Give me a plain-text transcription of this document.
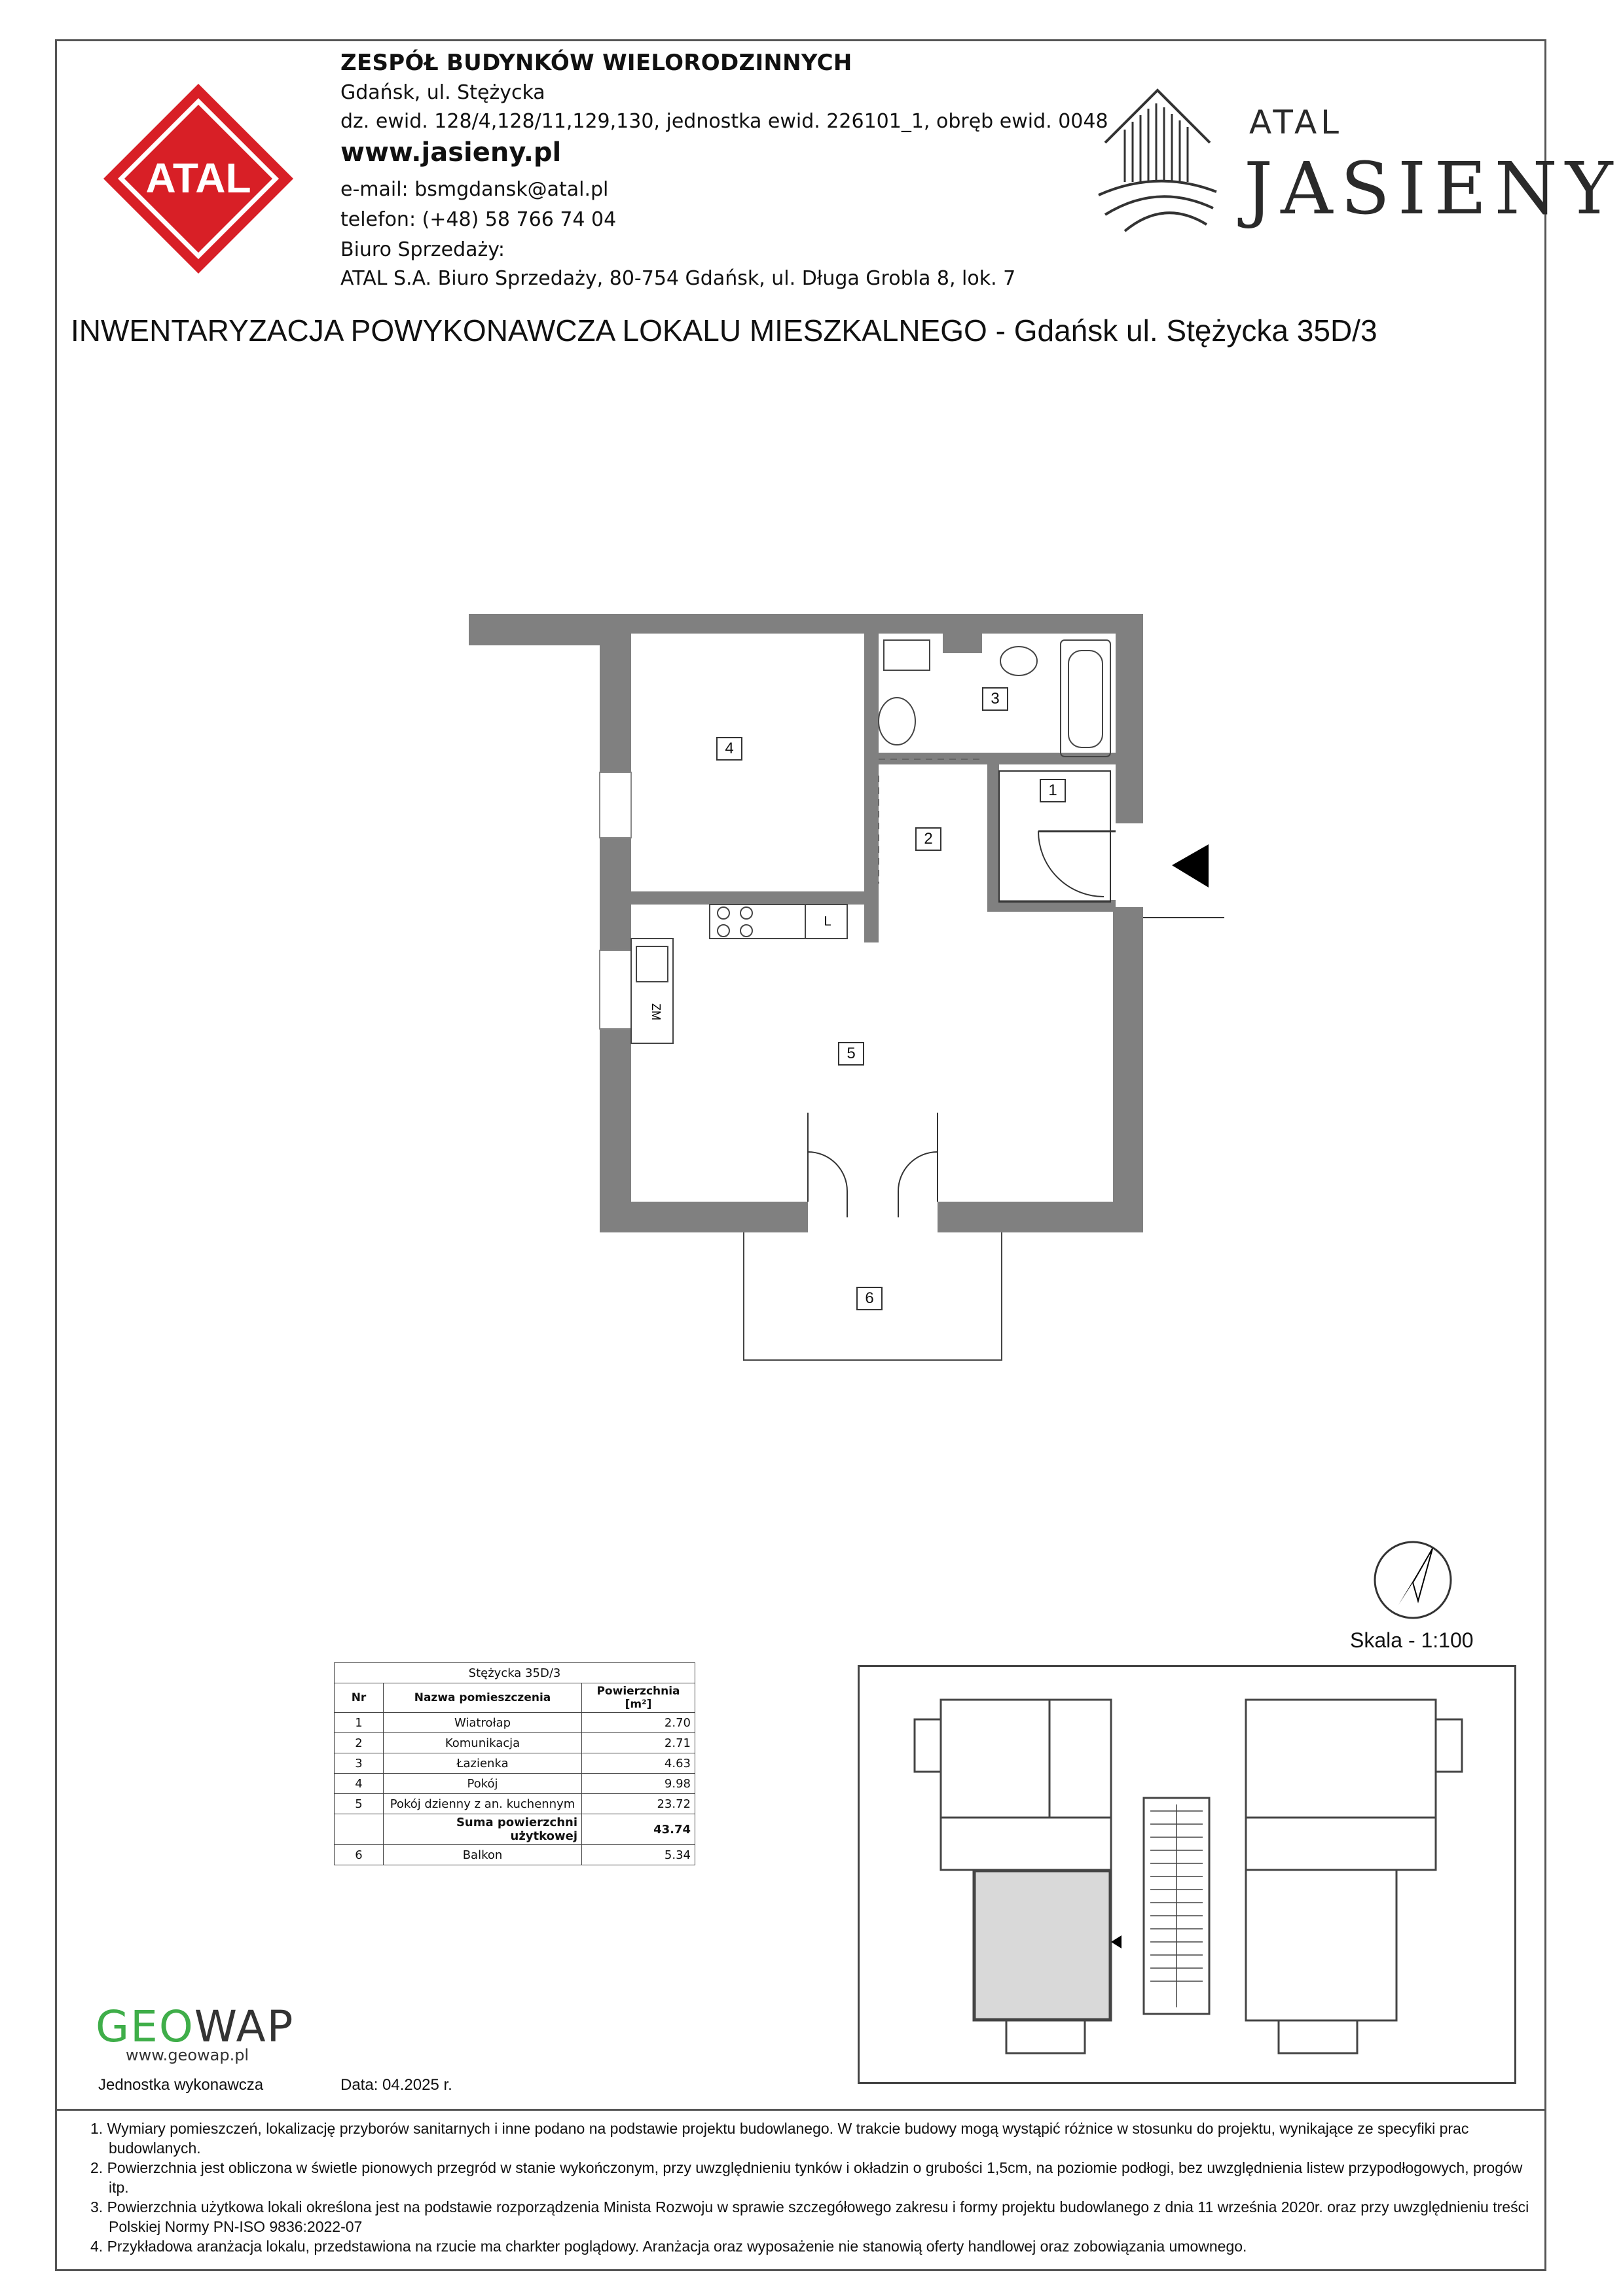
ATAL
ZESPÓŁ BUDYNKÓW WIELORODZINNYCH
Gdańsk, ul. Stężycka
dz. ewid. 128/4,128/11,129,130, jednostka ewid. 226101_1, obręb ewid. 0048
www.jasieny.pl
e-mail: bsmgdansk@atal.pl
telefon: (+48) 58 766 74 04
Biuro Sprzedaży:
ATAL S.A. Biuro Sprzedaży, 80-754 Gdańsk, ul. Długa Grobla 8, lok. 7
ATAL
JASIENY
INWENTARYZACJA POWYKONAWCZA LOKALU MIESZKALNEGO - Gdańsk ul. Stężycka 35D/3
L
ZM
1
2
3
4
5
6
Skala - 1:100
Stężycka 35D/3		
Nr	Nazwa pomieszczenia	Powierzchnia [m²]
1	Wiatrołap	2.70
2	Komunikacja	2.71
3	Łazienka	4.63
4	Pokój	9.98
5	Pokój dzienny z an. kuchennym	23.72
	Suma powierzchni użytkowej	43.74
6	Balkon	5.34
GEOWAP
www.geowap.pl
Jednostka wykonawcza	Data: 04.2025 r.
1. Wymiary pomieszczeń, lokalizację przyborów sanitarnych i inne podano na podstawie projektu budowlanego. W trakcie budowy mogą wystąpić różnice w stosunku do projektu, wynikające ze specyfiki prac budowlanych.
2. Powierzchnia jest obliczona w świetle pionowych przegród w stanie wykończonym, przy uwzględnieniu tynków i okładzin o grubości 1,5cm, na poziomie podłogi, bez uwzględnienia listew przypodłogowych, progów itp.
3. Powierzchnia użytkowa lokali określona jest na podstawie rozporządzenia Minista Rozwoju w sprawie szczegółowego zakresu i formy projektu budowlanego z dnia 11 września 2020r. oraz przy uwzględnieniu treści Polskiej Normy PN-ISO 9836:2022-07
4. Przykładowa aranżacja lokalu, przedstawiona na rzucie ma charkter poglądowy. Aranżacja oraz wyposażenie nie stanowią oferty handlowej oraz zobowiązania umownego.
